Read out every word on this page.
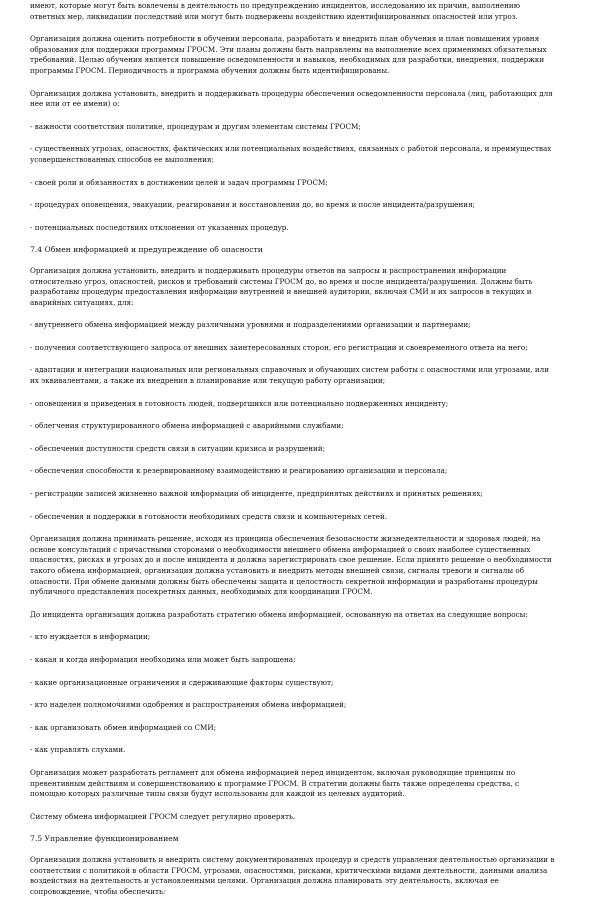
имеют, которые могут быть вовлечены в деятельность по предупреждению инцидентов, исследованию их причин, выполнению ответных мер, ликвидации последствий или могут быть подвержены воздействию идентифицированных опасностей или угроз.

Организация должна оценить потребности в обучении персонала, разработать и внедрить план обучения и план повышения уровня образования для поддержки программы ГРОСМ. Эти планы должны быть направлены на выполнение всех применимых обязательных требований. Целью обучения является повышение осведомленности и навыков, необходимых для разработки, внедрения, поддержки программы ГРОСМ. Периодичность и программа обучения должны быть идентифицированы.

Организация должна установить, внедрить и поддерживать процедуры обеспечения осведомленности персонала (лиц, работающих для нее или от ее имени) о:

- важности соответствия политике, процедурам и другим элементам системы ГРОСМ;

- существенных угрозах, опасностях, фактических или потенциальных воздействиях, связанных с работой персонала, и преимуществах усовершенствованных способов ее выполнения;

- своей роли и обязанностях в достижении целей и задач программы ГРОСМ;

- процедурах оповещения, эвакуации, реагирования и восстановления до, во время и после инцидента/разрушения;

- потенциальных последствиях отклонения от указанных процедур.

7.4 Обмен информацией и предупреждение об опасности

Организация должна установить, внедрить и поддерживать процедуры ответов на запросы и распространения информации относительно угроз, опасностей, рисков и требований системы ГРОСМ до, во время и после инцидента/разрушения. Должны быть разработаны процедуры предоставления информации внутренней и внешней аудитории, включая СМИ и их запросов в текущих и аварийных ситуациях, для:

- внутреннего обмена информацией между различными уровнями и подразделениями организации и партнерами;

- получения соответствующего запроса от внешних заинтересованных сторон, его регистрации и своевременного ответа на него;

- адаптации и интеграции национальных или региональных справочных и обучающих систем работы с опасностями или угрозами, или их эквивалентами, а также их внедрения в планирование или текущую работу организации;

- оповещения и приведения в готовность людей, подвергшихся или потенциально подверженных инциденту;

- облегчения структурированного обмена информацией с аварийными службами;

- обеспечения доступности средств связи в ситуации кризиса и разрушений;

- обеспечения способности к резервированному взаимодействию и реагированию организации и персонала;

- регистрации записей жизненно важной информации об инциденте, предпринятых действиях и принятых решениях;

- обеспечения и поддержки в готовности необходимых средств связи и компьютерных сетей.

Организация должна принимать решение, исходя из принципа обеспечения безопасности жизнедеятельности и здоровья людей, на основе консультаций с причастными сторонами о необходимости внешнего обмена информацией о своих наиболее существенных опасностях, рисках и угрозах до и после инцидента и должна зарегистрировать свое решение. Если принято решение о необходимости такого обмена информацией, организация должна установить и внедрить методы внешней связи, сигналы тревоги и сигналы об опасности. При обмене данными должны быть обеспечены защита и целостность секретной информации и разработаны процедуры публичного представления посекретных данных, необходимых для координации ГРОСМ.

До инцидента организация должна разработать стратегию обмена информацией, основанную на ответах на следующие вопросы:

- кто нуждается в информации;

- какая и когда информация необходима или может быть запрошена;

- какие организационные ограничения и сдерживающие факторы существуют;

- кто наделен полномочиями одобрения и распространения обмена информацией;

- как организовать обмен информацией со СМИ;

- как управлять слухами.

Организация может разработать регламент для обмена информацией перед инцидентом, включая руководящие принципы по превентивным действиям и совершенствованию к программе ГРОСМ. В стратегии должны быть также определены средства, с помощью которых различные типы связи будут использованы для каждой из целевых аудиторий.

Систему обмена информацией ГРОСМ следует регулярно проверять.

7.5 Управление функционированием

Организация должна установить и внедрить систему документированных процедур и средств управления деятельностью организации в соответствии с политикой в области ГРОСМ, угрозами, опасностями, рисками, критическими видами деятельности, данными анализа воздействия на деятельность и установленными целями. Организация должна планировать эту деятельность, включая ее сопровождение, чтобы обеспечить:
